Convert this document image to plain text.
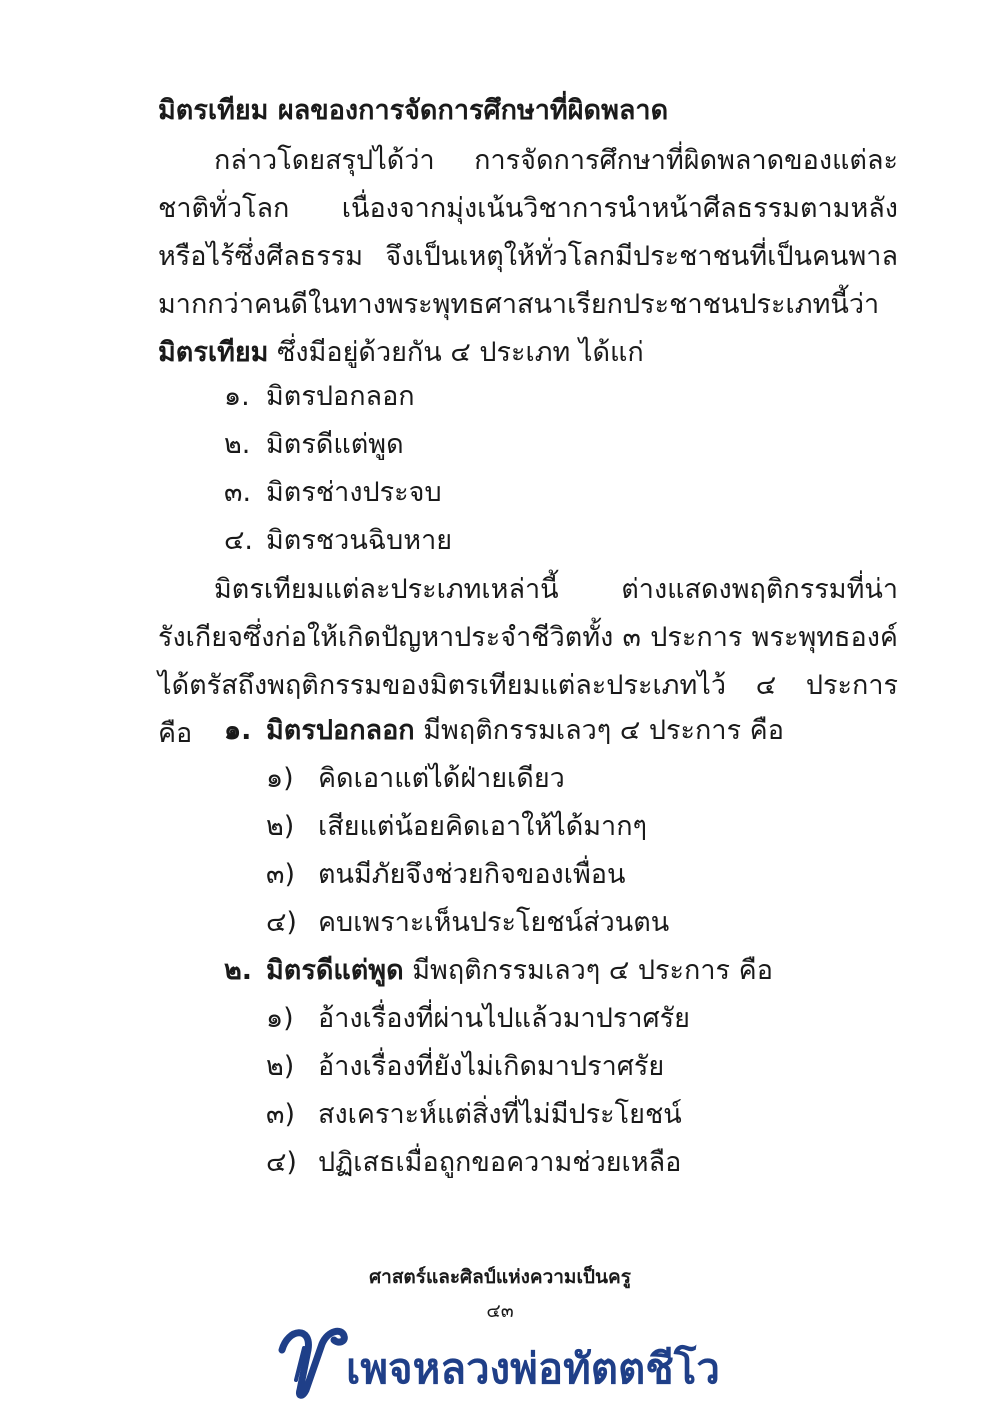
มิตรเทียม ผลของการจัดการศึกษาที่ผิดพลาด
กล่าวโดยสรุปได้ว่า การจัดการศึกษาที่ผิดพลาดของแต่ละชาติทั่วโลก เนื่องจากมุ่งเน้นวิชาการนำหน้าศีลธรรมตามหลังหรือไร้ซึ่งศีลธรรม จึงเป็นเหตุให้ทั่วโลกมีประชาชนที่เป็นคนพาลมากกว่าคนดีในทางพระพุทธศาสนาเรียกประชาชนประเภทนี้ว่า มิตรเทียม ซึ่งมีอยู่ด้วยกัน ๔ ประเภท ได้แก่
๑. มิตรปอกลอก
๒. มิตรดีแต่พูด
๓. มิตรช่างประจบ
๔. มิตรชวนฉิบหาย
มิตรเทียมแต่ละประเภทเหล่านี้ ต่างแสดงพฤติกรรมที่น่ารังเกียจซึ่งก่อให้เกิดปัญหาประจำชีวิตทั้ง ๓ ประการ พระพุทธองค์ได้ตรัสถึงพฤติกรรมของมิตรเทียมแต่ละประเภทไว้ ๔ ประการ คือ	๑. มิตรปอกลอก มีพฤติกรรมเลวๆ ๔ ประการ คือ
๑) คิดเอาแต่ได้ฝ่ายเดียว
๒) เสียแต่น้อยคิดเอาให้ได้มากๆ
๓) ตนมีภัยจึงช่วยกิจของเพื่อน
๔) คบเพราะเห็นประโยชน์ส่วนตน
๒. มิตรดีแต่พูด มีพฤติกรรมเลวๆ ๔ ประการ คือ
๑) อ้างเรื่องที่ผ่านไปแล้วมาปราศรัย
๒) อ้างเรื่องที่ยังไม่เกิดมาปราศรัย
๓) สงเคราะห์แต่สิ่งที่ไม่มีประโยชน์
๔) ปฏิเสธเมื่อถูกขอความช่วยเหลือ
ศาสตร์และศิลป์แห่งความเป็นครู
๔๓
เพจหลวงพ่อทัตตชีโว
